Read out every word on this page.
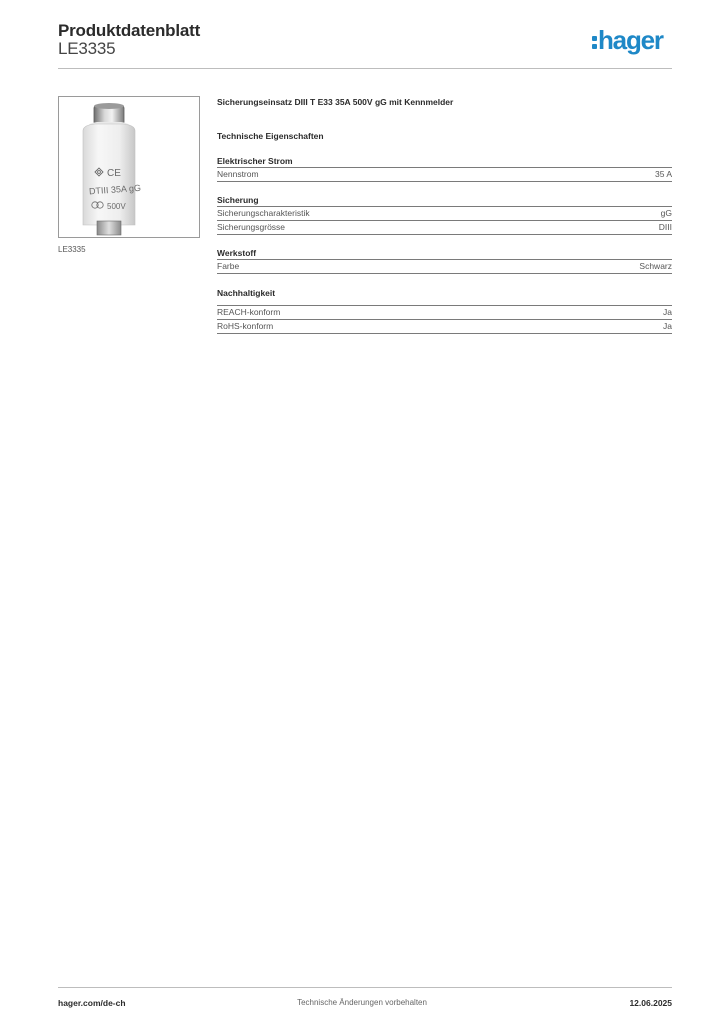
Produktdatenblatt
LE3335	hager
CE
DTIII 35A gG
500V
LE3335
Sicherungseinsatz DIII T E33 35A 500V gG mit Kennmelder
Technische Eigenschaften
Elektrischer Strom
Nennstrom	35 A
Sicherung
Sicherungscharakteristik	gG
Sicherungsgrösse	DIII
Werkstoff
Farbe	Schwarz
Nachhaltigkeit
REACH-konform	Ja
RoHS-konform	Ja
hager.com/de-ch	Technische Änderungen vorbehalten	12.06.2025
